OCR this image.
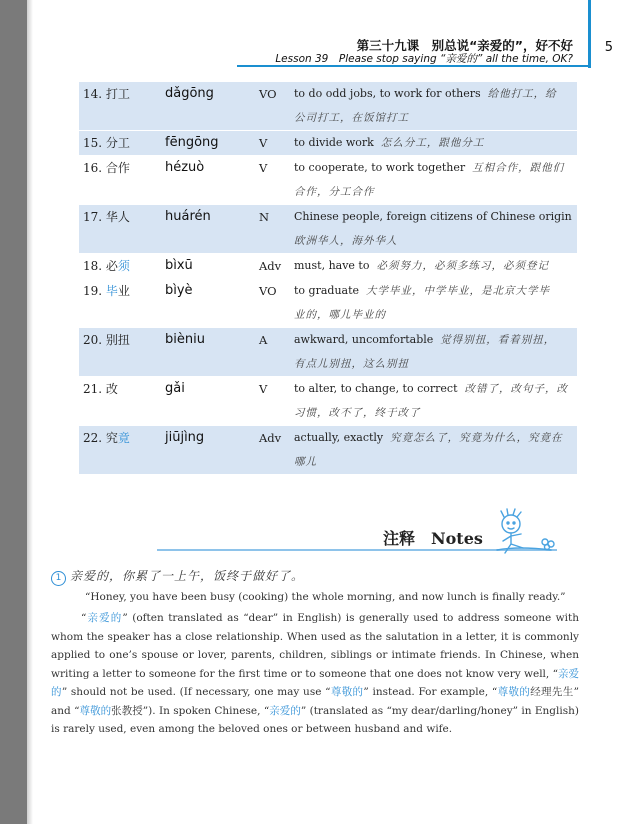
第三十九课　别总说“亲爱的”，好不好
Lesson 39　Please stop saying “亲爱的” all the time, OK?
5
14. 打工	dǎgōng	VO to do odd jobs, to work for others 给他打工，给
公司打工，在饭馆打工
15. 分工	fēngōng	V to divide work 怎么分工，跟他分工
16. 合作	hézuò	V to cooperate, to work together 互相合作，跟他们
合作，分工合作
17. 华人	huárén	N Chinese people, foreign citizens of Chinese origin
欧洲华人，海外华人
18. 必须	bìxū	Adv must, have to 必须努力，必须多练习，必须登记
19. 毕业	bìyè	VO to graduate 大学毕业，中学毕业，是北京大学毕
业的，哪儿毕业的
20. 别扭	bièniu	A awkward, uncomfortable 觉得别扭，看着别扭，
有点儿别扭，这么别扭
21. 改	gǎi	V to alter, to change, to correct 改错了，改句子，改
习惯，改不了，终于改了
22. 究竟	jiūjìng	Adv actually, exactly 究竟怎么了，究竟为什么，究竟在
哪儿
注释　Notes
1 亲爱的，你累了一上午，饭终于做好了。
“Honey, you have been busy (cooking) the whole morning, and now lunch is finally ready.”
“亲爱的” (often translated as “dear” in English) is generally used to address someone with whom the speaker has a close relationship. When used as the salutation in a letter, it is commonly applied to one’s spouse or lover, parents, children, siblings or intimate friends. In Chinese, when writing a letter to someone for the first time or to someone that one does not know very well, “亲爱的” should not be used. (If necessary, one may use “尊敬的” instead. For example, “尊敬的经理先生” and “尊敬的张教授”). In spoken Chinese, “亲爱的” (translated as “my dear/darling/honey” in English) is rarely used, even among the beloved ones or between husband and wife.
